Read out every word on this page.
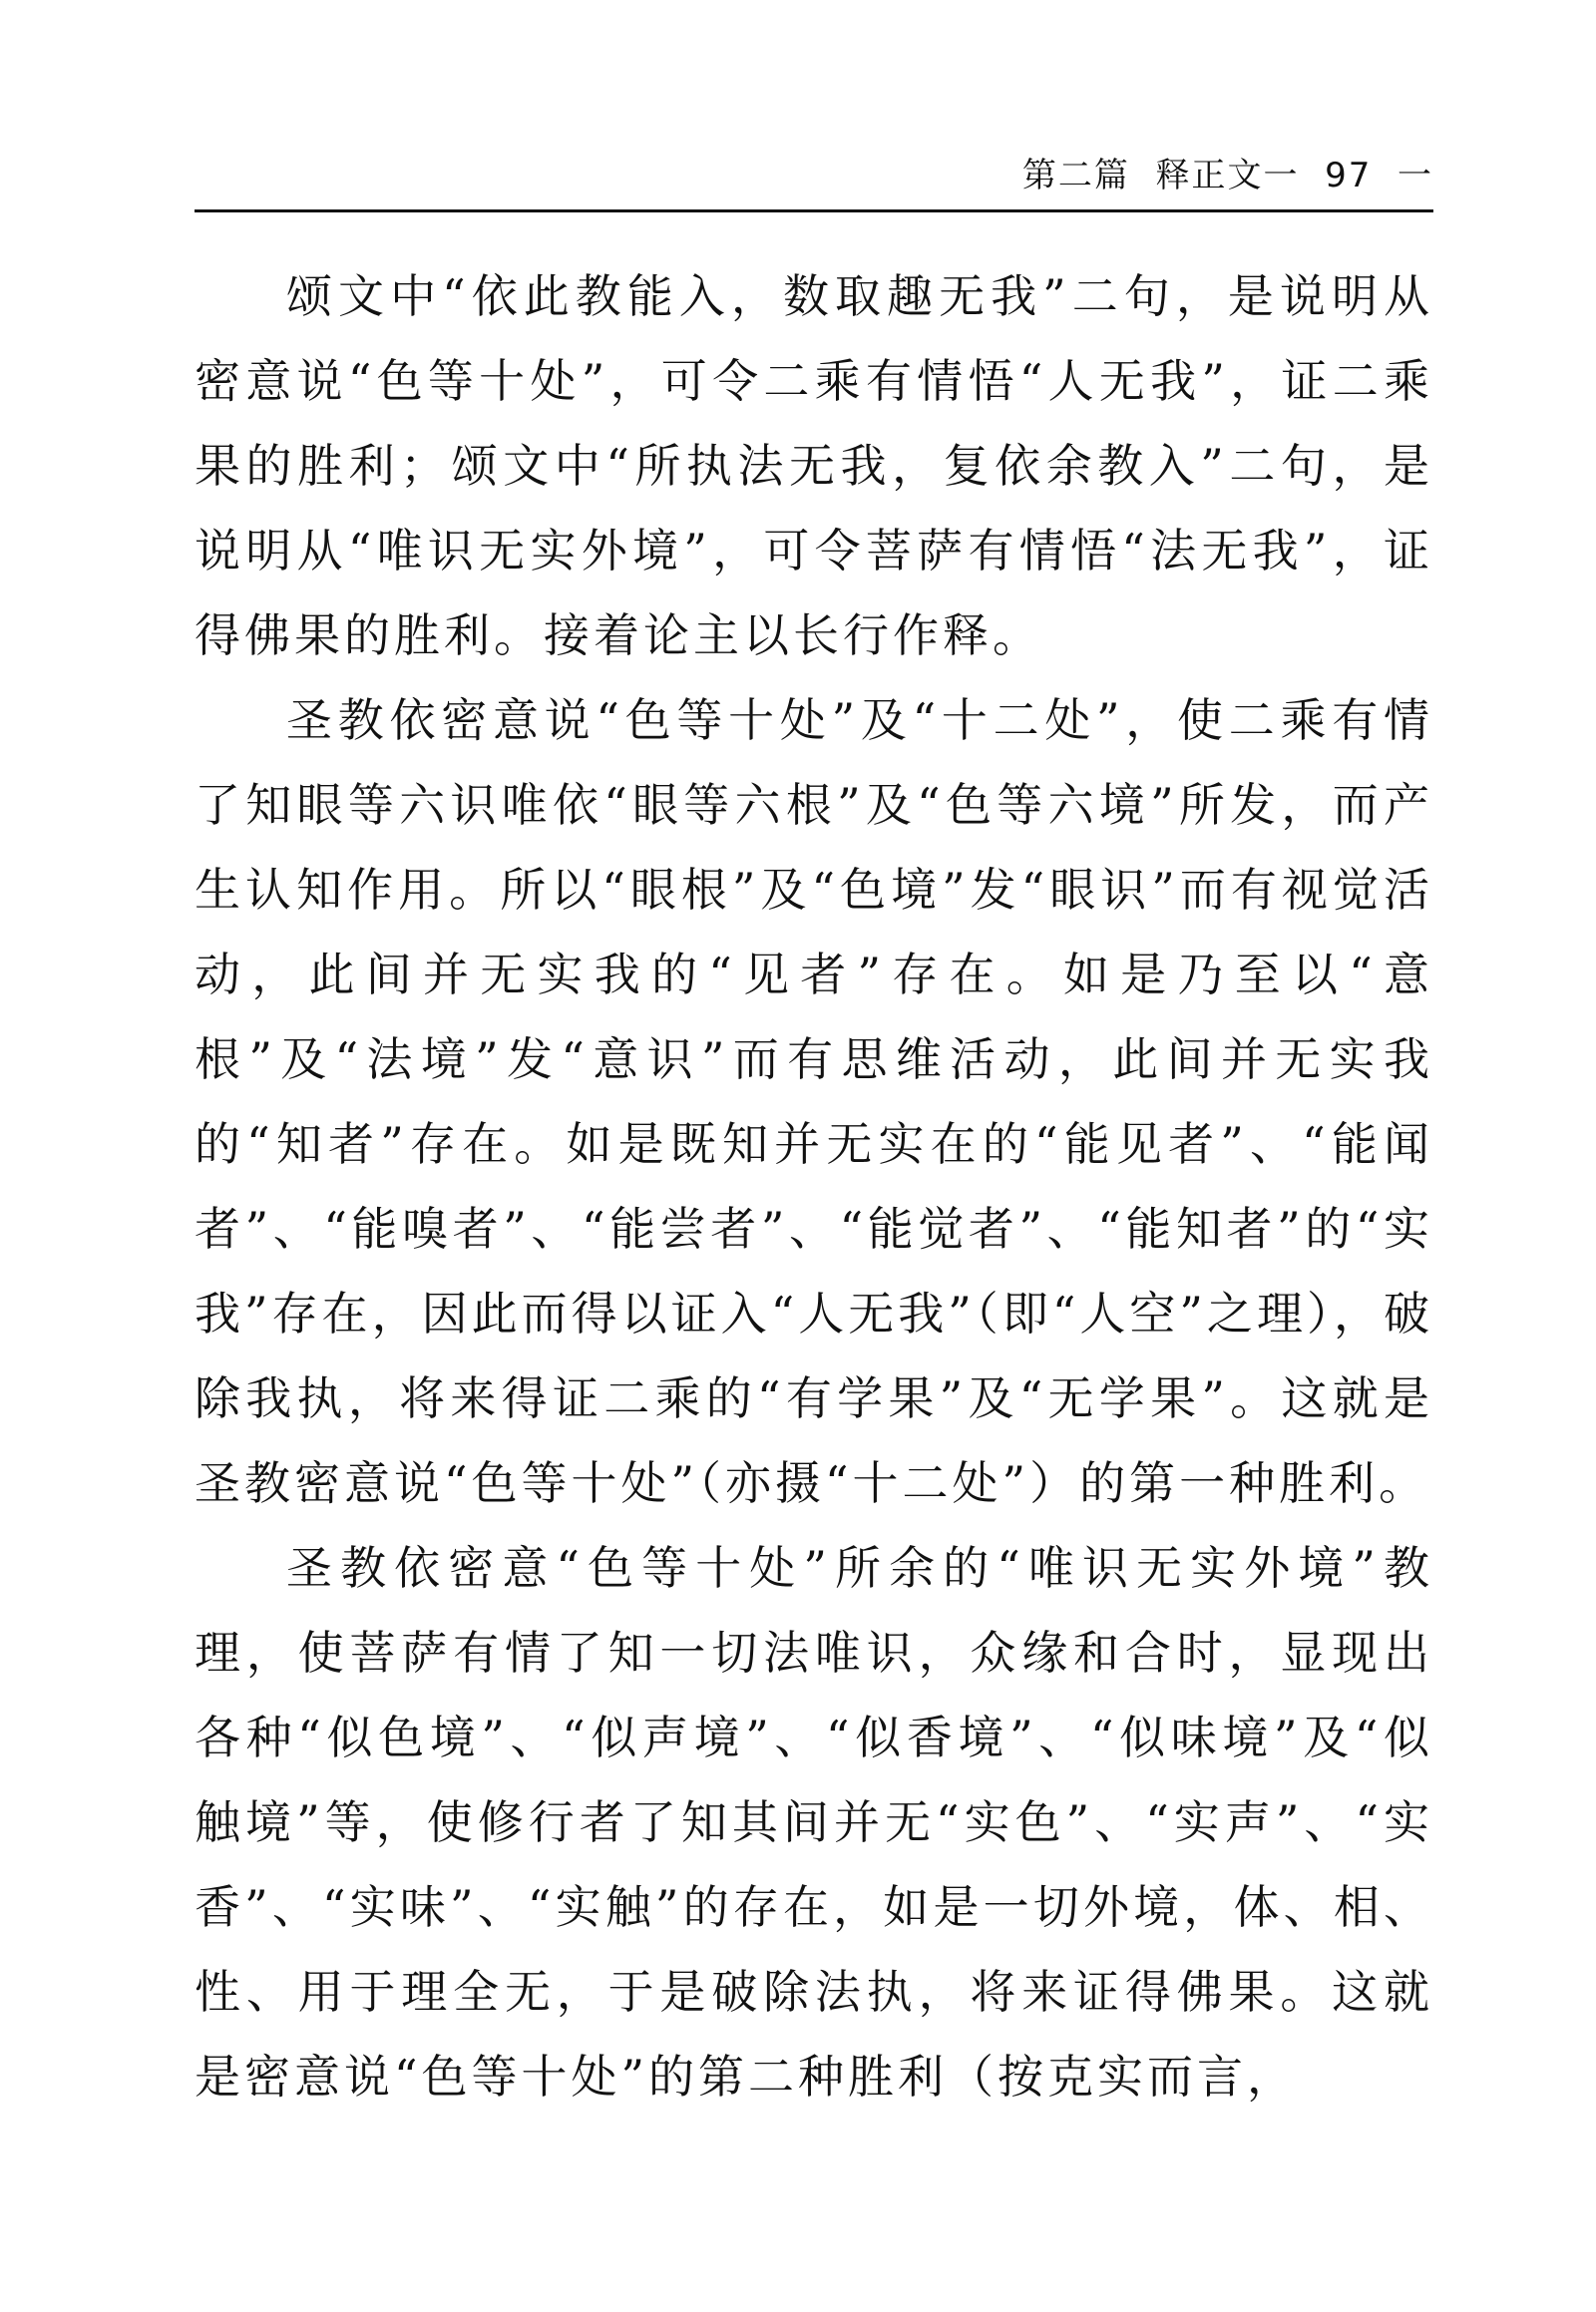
第二篇  释正文一  97  一

颂文中“依此教能入，数取趣无我”二句，是说明从密意说“色等十处”，可令二乘有情悟“人无我”，证二乘果的胜利；颂文中“所执法无我，复依余教入”二句，是说明从“唯识无实外境”，可令菩萨有情悟“法无我”，证得佛果的胜利。接着论主以长行作释。

圣教依密意说“色等十处”及“十二处”，使二乘有情了知眼等六识唯依“眼等六根”及“色等六境”所发，而产生认知作用。所以“眼根”及“色境”发“眼识”而有视觉活动，此间并无实我的“见者”存在。如是乃至以“意根”及“法境”发“意识”而有思维活动，此间并无实我的“知者”存在。如是既知并无实在的“能见者”、“能闻者”、“能嗅者”、“能尝者”、“能觉者”、“能知者”的“实我”存在，因此而得以证入“人无我”（即“人空”之理），破除我执，将来得证二乘的“有学果”及“无学果”。这就是圣教密意说“色等十处”（亦摄“十二处”）的第一种胜利。

圣教依密意“色等十处”所余的“唯识无实外境”教理，使菩萨有情了知一切法唯识，众缘和合时，显现出各种“似色境”、“似声境”、“似香境”、“似味境”及“似触境”等，使修行者了知其间并无“实色”、“实声”、“实香”、“实味”、“实触”的存在，如是一切外境，体、相、性、用于理全无，于是破除法执，将来证得佛果。这就是密意说“色等十处”的第二种胜利（按克实而言，
